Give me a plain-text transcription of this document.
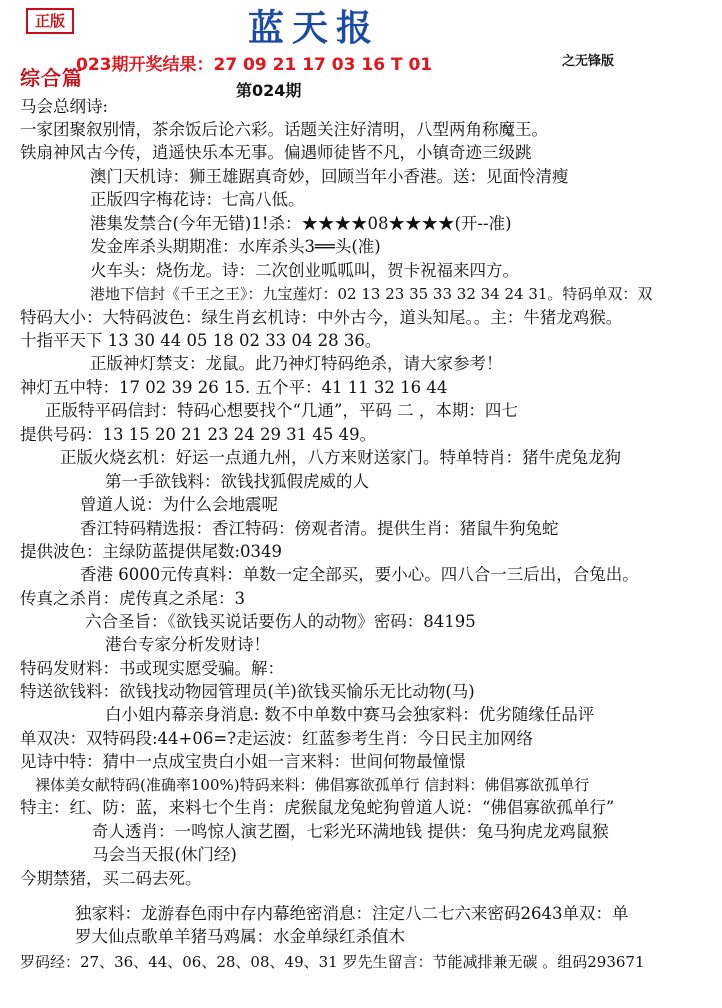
正版	蓝天报
023期开奖结果：27 09 21 17 03 16 T 01	之无锋版
综合篇
第024期
马会总纲诗:
一家团聚叙别情，茶余饭后论六彩。话题关注好清明，八型两角称魔王。
铁扇神风古今传，逍遥快乐本无事。偏遇师徒皆不凡，小镇奇迹三级跳
澳门天机诗：狮王雄踞真奇妙，回顾当年小香港。送：见面怜清瘦
正版四字梅花诗：七高八低。
港集发禁合(今年无错)1!杀：★★★★08★★★★(开--准)
发金库杀头期期准：水库杀头3══头(准)
火车头：烧伤龙。诗：二次创业呱呱叫，贺卡祝福来四方。
港地下信封《千王之王》：九宝莲灯：02 13 23 35 33 32 34 24 31。特码单双：双
特码大小：大特码波色：绿生肖玄机诗：中外古今，道头知尾。。主：牛猪龙鸡猴。
十指平天下 13 30 44 05 18 02 33 04 28 36。
正版神灯禁支：龙鼠。此乃神灯特码绝杀，请大家参考！
神灯五中特：17 02 39 26 15. 五个平：41 11 32 16 44
正版特平码信封：特码心想要找个“几通”，平码 二 ，本期：四七
提供号码：13 15 20 21 23 24 29 31 45 49。
正版火烧玄机：好运一点通九州，八方来财送家门。特单特肖：猪牛虎兔龙狗
第一手欲钱料：欲钱找狐假虎威的人
曾道人说：为什么会地震呢
香江特码精选报：香江特码：傍观者清。提供生肖：猪鼠牛狗兔蛇
提供波色：主绿防蓝提供尾数:0349
香港 6000元传真料：单数一定全部买，要小心。四八合一三后出，合兔出。
传真之杀肖：虎传真之杀尾：3
六合圣旨：《欲钱买说话要伤人的动物》密码：84195
港台专家分析发财诗！
特码发财料：书或现实愿受骗。解：
特送欲钱料：欲钱找动物园管理员(羊)欲钱买愉乐无比动物(马)
白小姐内幕亲身消息: 数不中单数中赛马会独家料：优劣随缘任品评
单双决：双特码段:44+06=?走运波：红蓝参考生肖：今日民主加网络
见诗中特：猜中一点成宝贵白小姐一言来料：世间何物最憧憬
裸体美女献特码(准确率100%)特码来料：佛倡寡欲孤单行 信封料：佛倡寡欲孤单行
特主：红、防：蓝，来料七个生肖：虎猴鼠龙兔蛇狗曾道人说：“佛倡寡欲孤单行”
奇人透肖：一鸣惊人演艺圈，七彩光环满地钱 提供：兔马狗虎龙鸡鼠猴
马会当天报(休门经)
今期禁猪，买二码去死。
独家料：龙游春色雨中存内幕绝密消息：注定八二七六来密码2643单双：单
罗大仙点歌单羊猪马鸡属：水金单绿红杀值木
罗码经：27、36、44、06、28、08、49、31 罗先生留言：节能减排兼无碳 。组码293671
